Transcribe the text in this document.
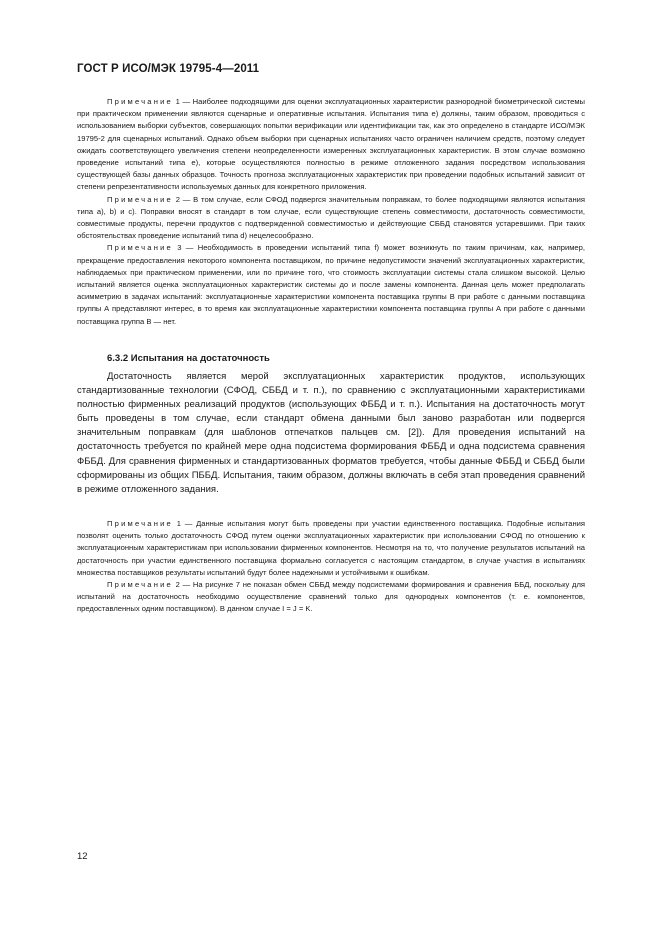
ГОСТ Р ИСО/МЭК 19795-4—2011

Примечание 1 — Наиболее подходящими для оценки эксплуатационных характеристик разнородной биометрической системы при практическом применении являются сценарные и оперативные испытания. Испытания типа е) должны, таким образом, проводиться с использованием выборки субъектов, совершающих попытки верификации или идентификации так, как это определено в стандарте ИСО/МЭК 19795-2 для сценарных испытаний. Однако объем выборки при сценарных испытаниях часто ограничен наличием средств, поэтому следует ожидать соответствующего увеличения степени неопределенности измеренных эксплуатационных характеристик. В этом случае возможно проведение испытаний типа е), которые осуществляются полностью в режиме отложенного задания посредством использования существующей базы данных образцов. Точность прогноза эксплуатационных характеристик при проведении подобных испытаний зависит от степени репрезентативности используемых данных для конкретного приложения.

Примечание 2 — В том случае, если СФОД подвергся значительным поправкам, то более подходящими являются испытания типа а), b) и с). Поправки вносят в стандарт в том случае, если существующие степень совместимости, достаточность совместимости, совместимые продукты, перечни продуктов с подтвержденной совместимостью и действующие СББД становятся устаревшими. При таких обстоятельствах проведение испытаний типа d) нецелесообразно.

Примечание 3 — Необходимость в проведении испытаний типа f) может возникнуть по таким причинам, как, например, прекращение предоставления некоторого компонента поставщиком, по причине недопустимости значений эксплуатационных характеристик, наблюдаемых при практическом применении, или по причине того, что стоимость эксплуатации системы стала слишком высокой. Целью испытаний является оценка эксплуатационных характеристик системы до и после замены компонента. Данная цель может предполагать асимметрию в задачах испытаний: эксплуатационные характеристики компонента поставщика группы В при работе с данными поставщика группы А представляют интерес, в то время как эксплуатационные характеристики компонента поставщика группы А при работе с данными поставщика группа В — нет.

6.3.2 Испытания на достаточность

Достаточность является мерой эксплуатационных характеристик продуктов, использующих стандартизованные технологии (СФОД, СББД и т. п.), по сравнению с эксплуатационными характеристиками полностью фирменных реализаций продуктов (использующих ФББД и т. п.). Испытания на достаточность могут быть проведены в том случае, если стандарт обмена данными был заново разработан или подвергся значительным поправкам (для шаблонов отпечатков пальцев см. [2]). Для проведения испытаний на достаточность требуется по крайней мере одна подсистема формирования ФББД и одна подсистема сравнения ФББД. Для сравнения фирменных и стандартизованных форматов требуется, чтобы данные ФББД и СББД были сформированы из общих ПББД. Испытания, таким образом, должны включать в себя этап проведения сравнений в режиме отложенного задания.

Примечание 1 — Данные испытания могут быть проведены при участии единственного поставщика. Подобные испытания позволят оценить только достаточность СФОД путем оценки эксплуатационных характеристик при использовании СФОД по отношению к эксплуатационным характеристикам при использовании фирменных компонентов. Несмотря на то, что получение результатов испытаний на достаточность при участии единственного поставщика формально согласуется с настоящим стандартом, в случае участия в испытаниях множества поставщиков результаты испытаний будут более надежными и устойчивыми к ошибкам.

Примечание 2 — На рисунке 7 не показан обмен СББД между подсистемами формирования и сравнения ББД, поскольку для испытаний на достаточность необходимо осуществление сравнений только для однородных компонентов (т. е. компонентов, предоставленных одним поставщиком). В данном случае I = J = K.

12
